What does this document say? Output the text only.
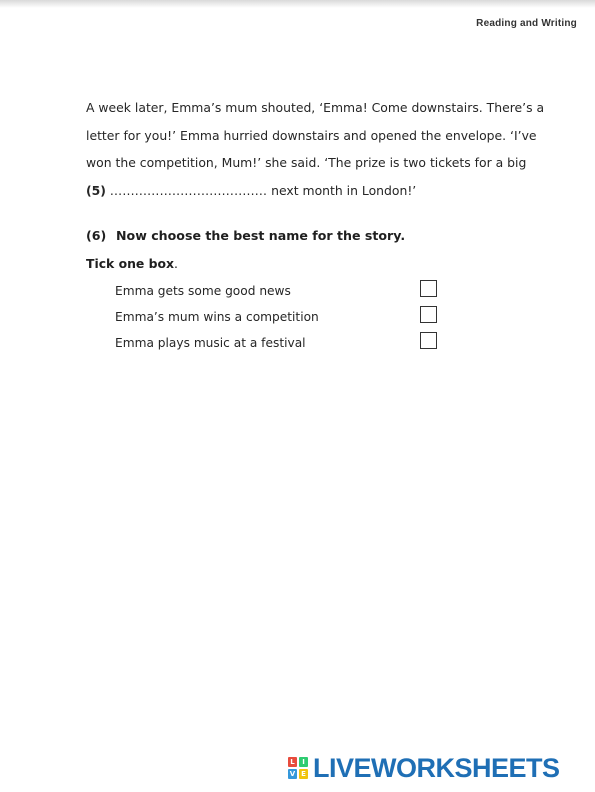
Reading and Writing
A week later, Emma’s mum shouted, ‘Emma! Come downstairs. There’s a
letter for you!’ Emma hurried downstairs and opened the envelope. ‘I’ve
won the competition, Mum!’ she said. ‘The prize is two tickets for a big
(5) ...................................... next month in London!’
(6) Now choose the best name for the story.
Tick one box.
Emma gets some good news
Emma’s mum wins a competition
Emma plays music at a festival
L	I
V E LIVEWORKSHEETS
